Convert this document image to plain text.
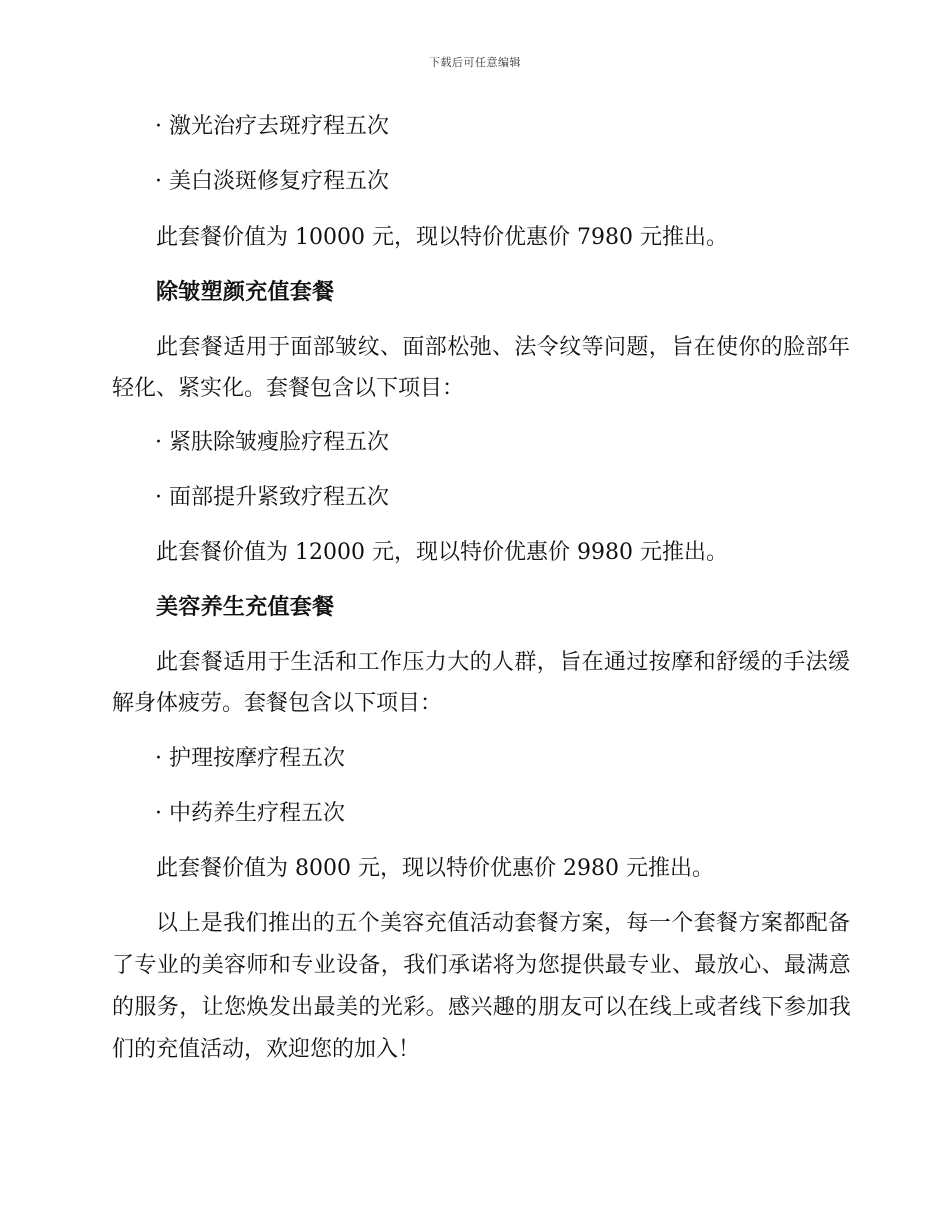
下载后可任意编辑
· 激光治疗去斑疗程五次
· 美白淡斑修复疗程五次
此套餐价值为 10000 元，现以特价优惠价 7980 元推出。
除皱塑颜充值套餐
此套餐适用于面部皱纹、面部松弛、法令纹等问题，旨在使你的脸部年
轻化、紧实化。套餐包含以下项目：
· 紧肤除皱瘦脸疗程五次
· 面部提升紧致疗程五次
此套餐价值为 12000 元，现以特价优惠价 9980 元推出。
美容养生充值套餐
此套餐适用于生活和工作压力大的人群，旨在通过按摩和舒缓的手法缓
解身体疲劳。套餐包含以下项目：
· 护理按摩疗程五次
· 中药养生疗程五次
此套餐价值为 8000 元，现以特价优惠价 2980 元推出。
以上是我们推出的五个美容充值活动套餐方案，每一个套餐方案都配备
了专业的美容师和专业设备，我们承诺将为您提供最专业、最放心、最满意
的服务，让您焕发出最美的光彩。感兴趣的朋友可以在线上或者线下参加我
们的充值活动，欢迎您的加入！
